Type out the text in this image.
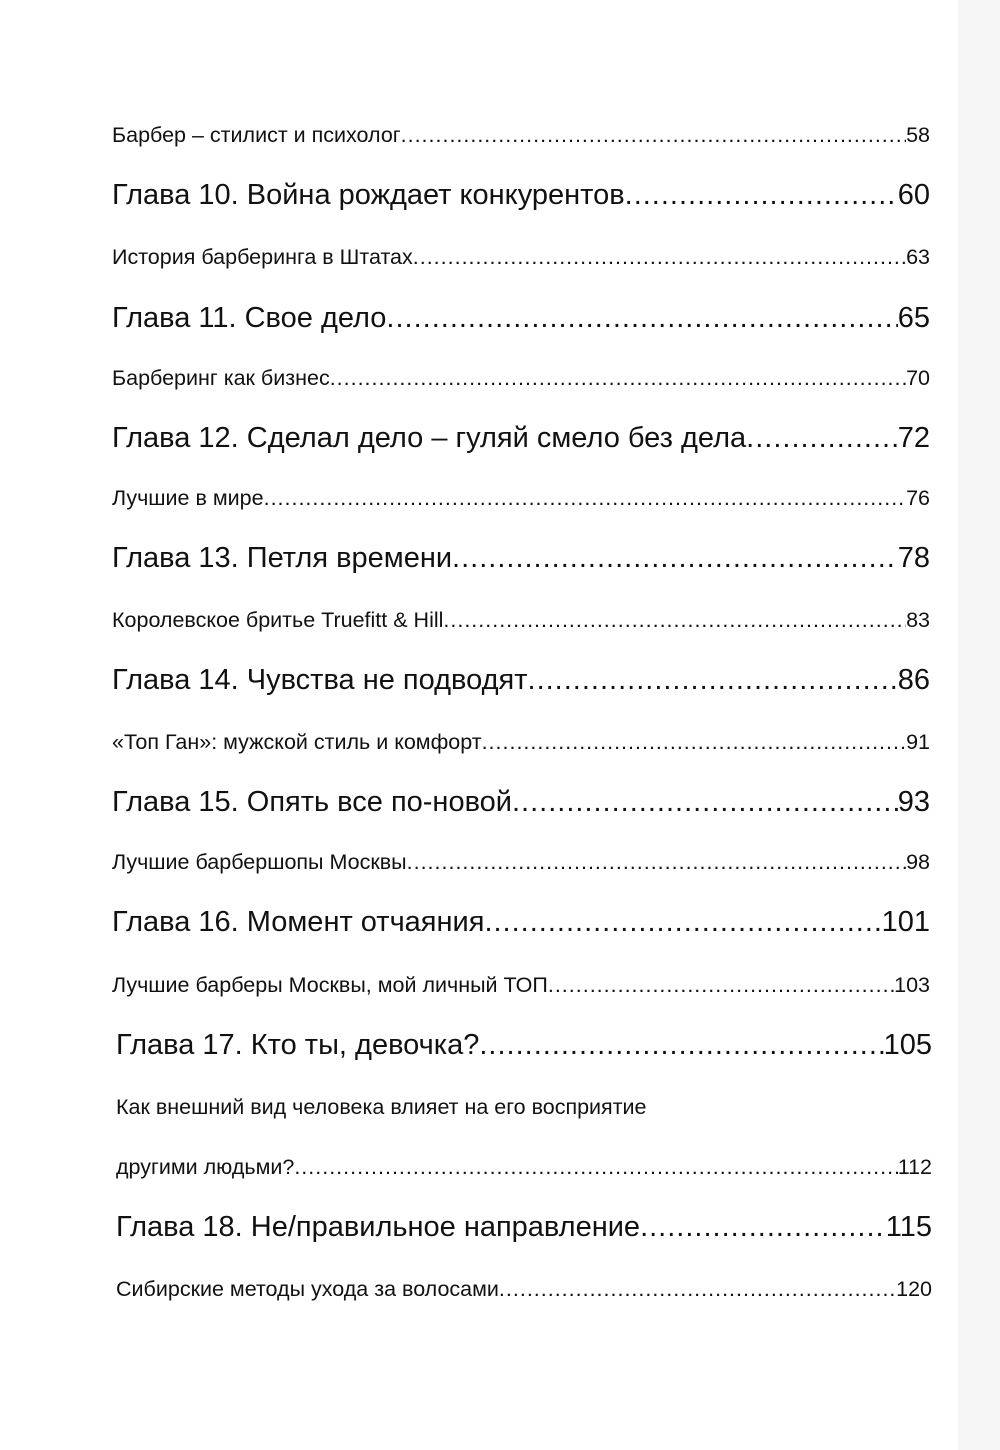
Барбер – стилист и психолог .....	58
Глава 10. Война рождает конкурентов .....	60
История барберинга в Штатах .....	63
Глава 11. Свое дело .....	65
Барберинг как бизнес .....	70
Глава 12. Сделал дело – гуляй смело без дела .....	72
Лучшие в мире .....	76
Глава 13. Петля времени .....	78
Королевское бритье Truefitt & Hill .....	83
Глава 14. Чувства не подводят .....	86
«Топ Ган»: мужской стиль и комфорт .....	91
Глава 15. Опять все по-новой .....	93
Лучшие барбершопы Москвы .....	98
Глава 16. Момент отчаяния .....	101
Лучшие барберы Москвы, мой личный ТОП .....	103
Глава 17. Кто ты, девочка? .....	105
Как внешний вид человека влияет на его восприятие
другими людьми? .....	112
Глава 18. Не/правильное направление .....	115
Сибирские методы ухода за волосами .....	120
